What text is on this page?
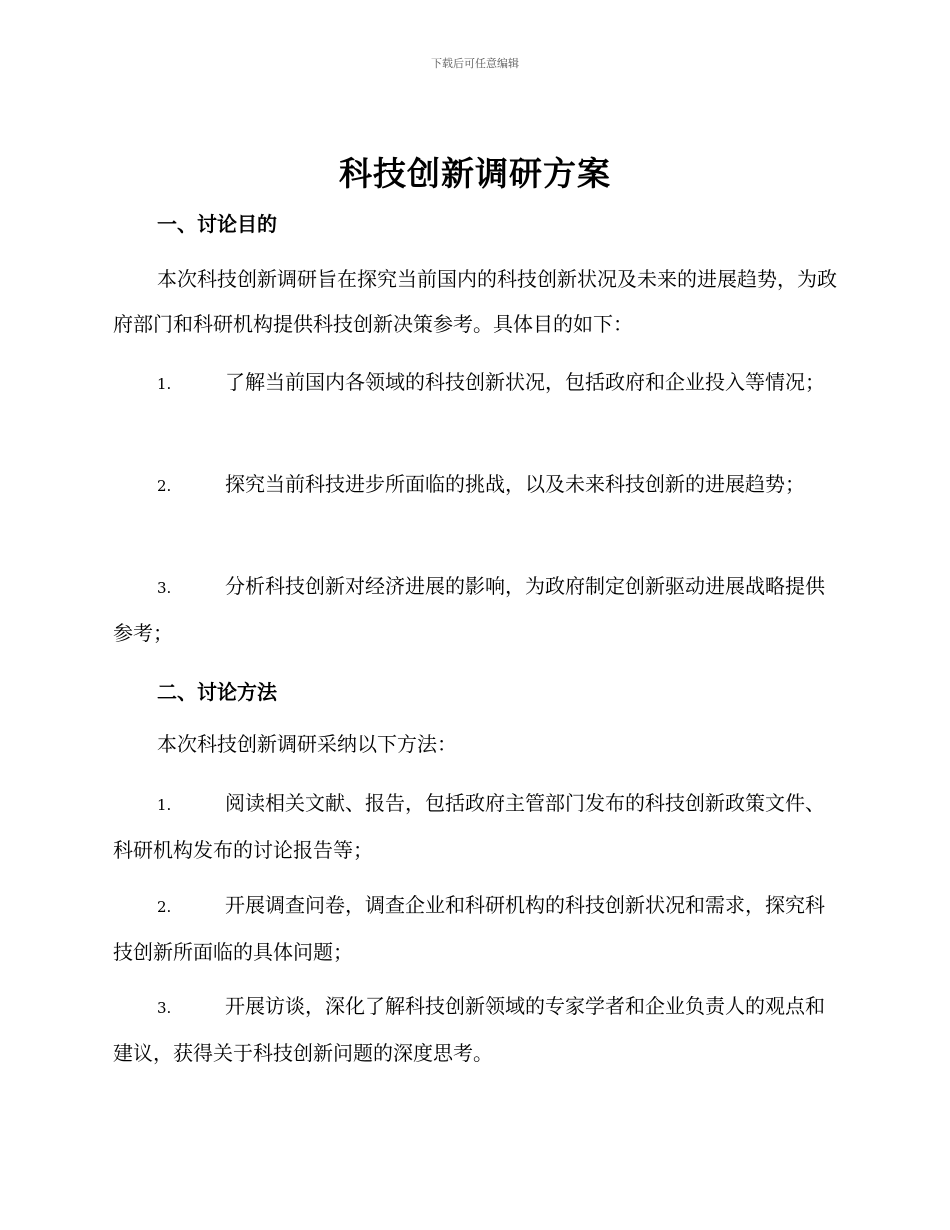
下载后可任意编辑
科技创新调研方案
一、讨论目的
本次科技创新调研旨在探究当前国内的科技创新状况及未来的进展趋势，为政府部门和科研机构提供科技创新决策参考。具体目的如下：
1.	了解当前国内各领域的科技创新状况，包括政府和企业投入等情况；
2.	探究当前科技进步所面临的挑战，以及未来科技创新的进展趋势；
3.	分析科技创新对经济进展的影响，为政府制定创新驱动进展战略提供参考；
二、讨论方法
本次科技创新调研采纳以下方法：
1.	阅读相关文献、报告，包括政府主管部门发布的科技创新政策文件、科研机构发布的讨论报告等；
2.	开展调查问卷，调查企业和科研机构的科技创新状况和需求，探究科技创新所面临的具体问题；
3.	开展访谈，深化了解科技创新领域的专家学者和企业负责人的观点和建议，获得关于科技创新问题的深度思考。
